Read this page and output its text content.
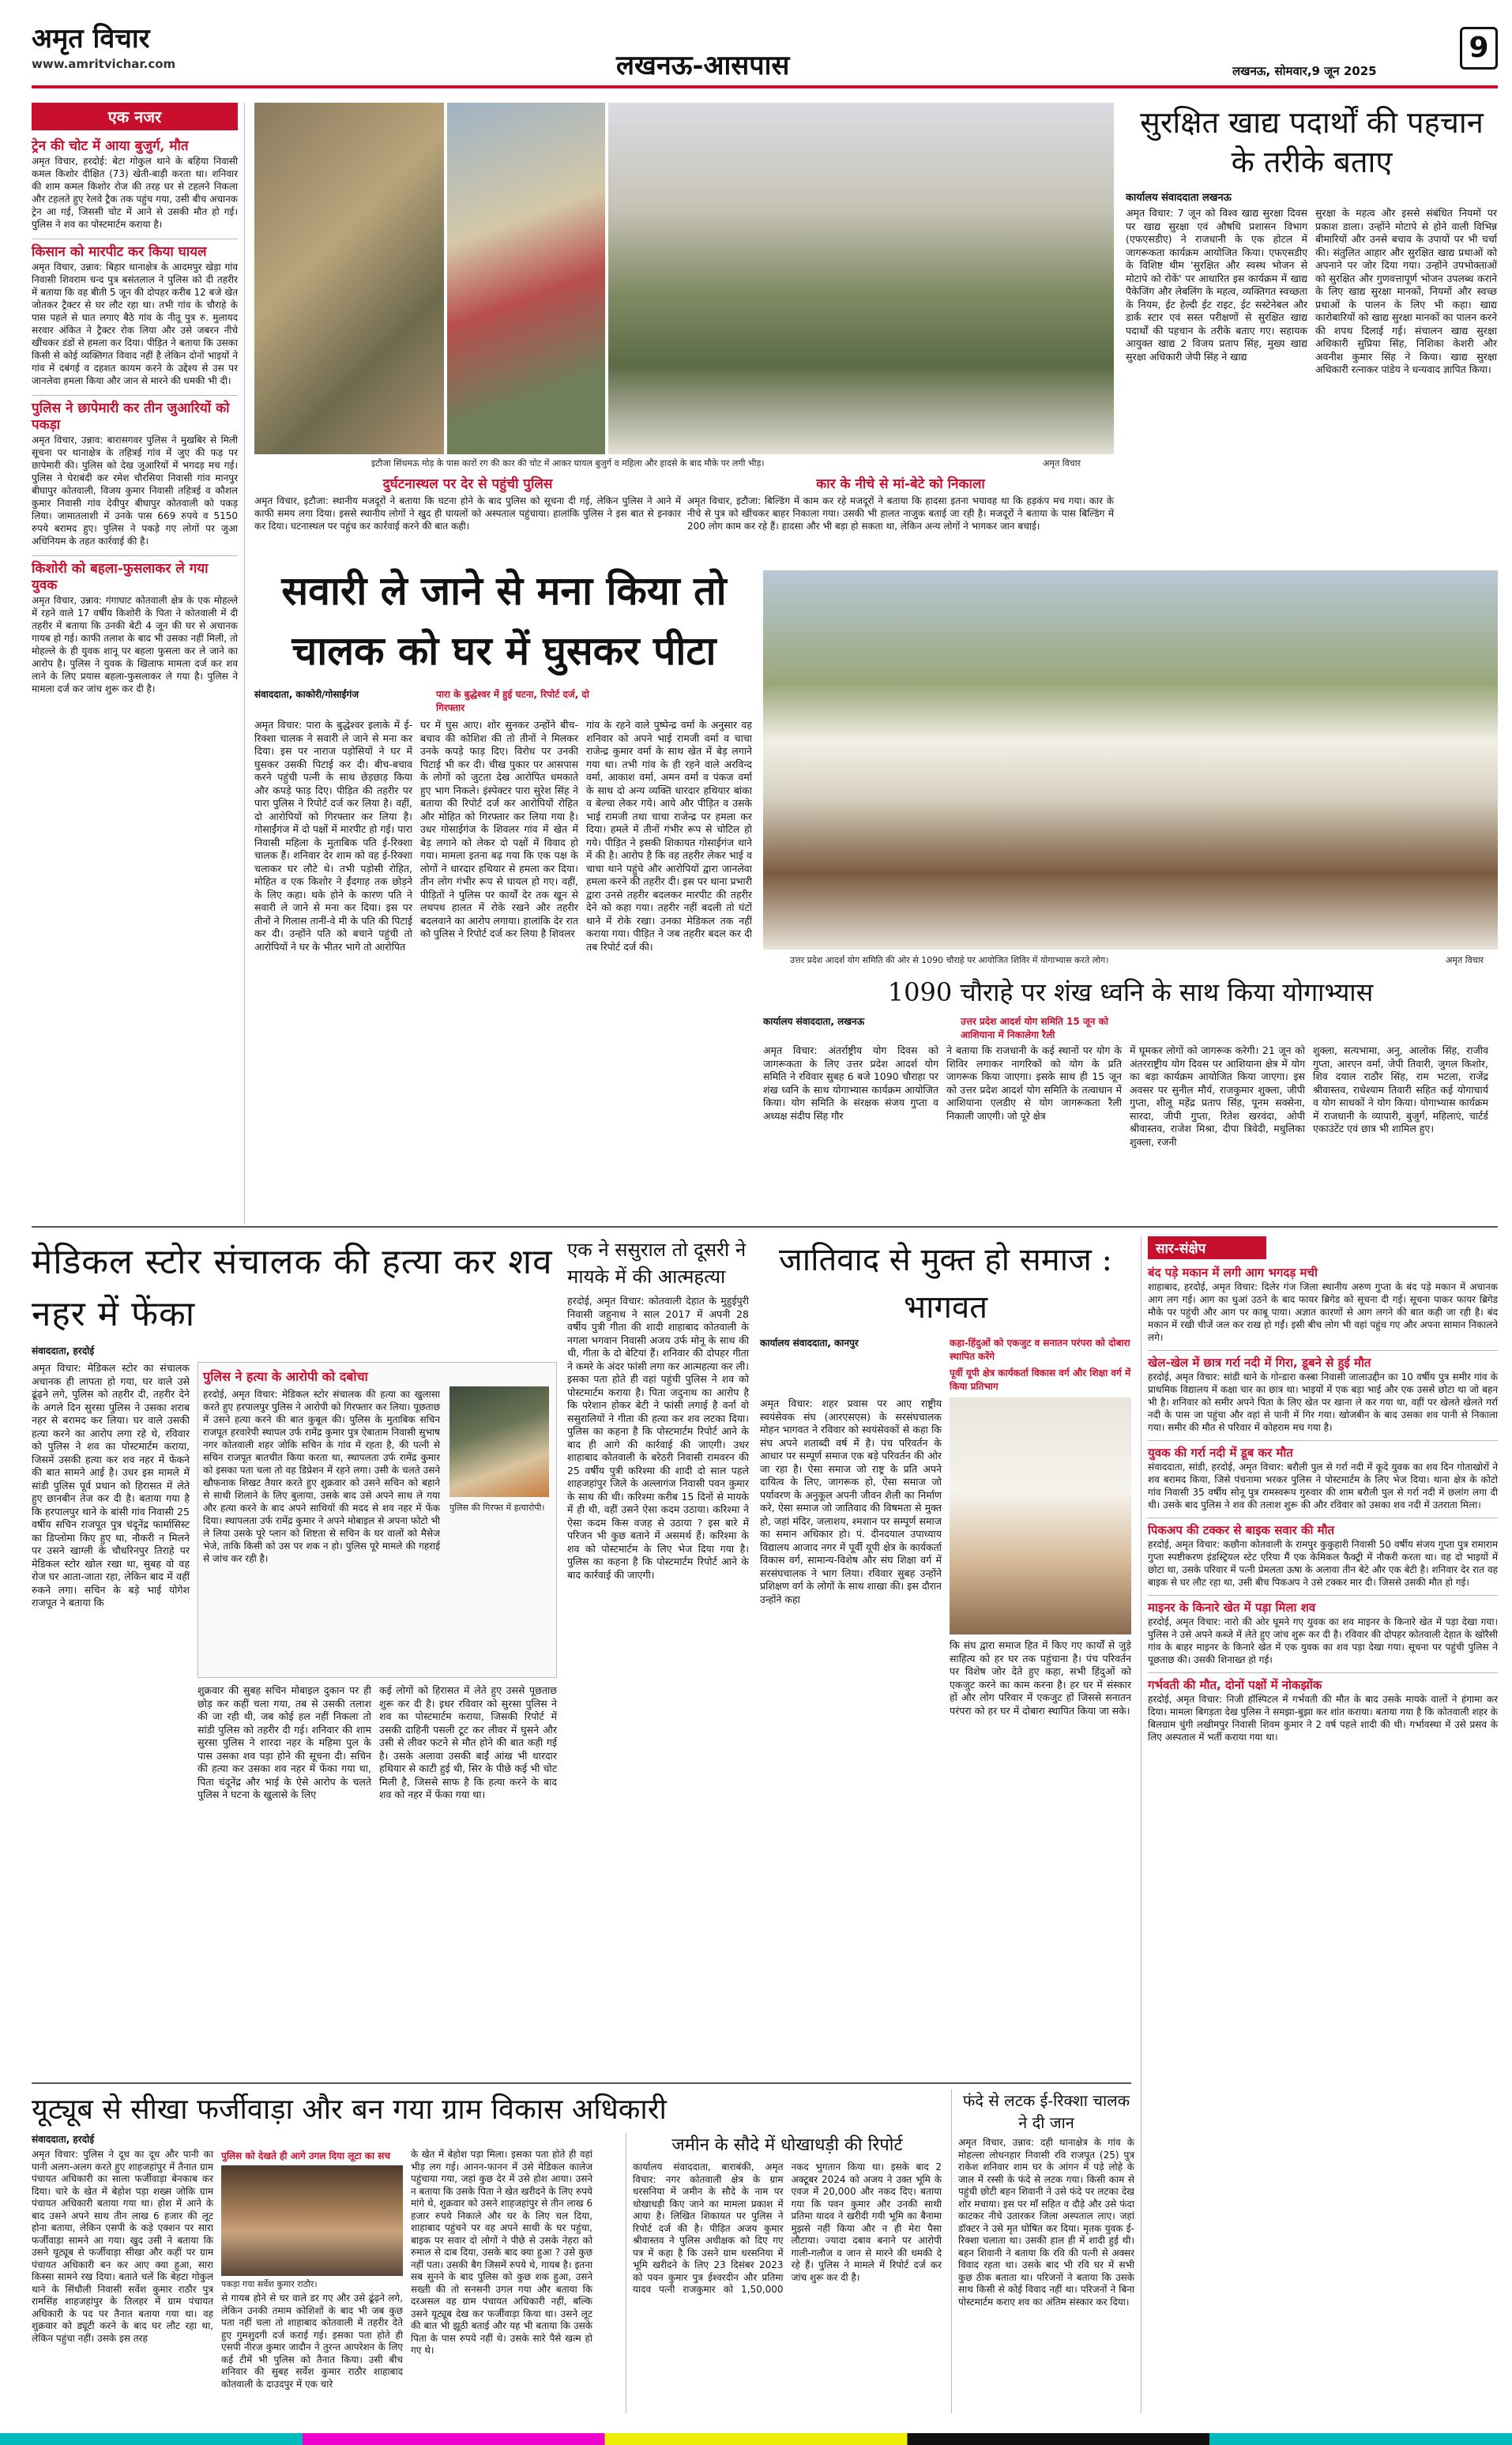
अमृत विचार
www.amritvichar.com	लखनऊ-आसपास	लखनऊ, सोमवार,9 जून 2025
9
एक नजर
ट्रेन की चोट में आया बुजुर्ग, मौत
अमृत विचार, हरदोई: बेटा गोकुल थाने के बहिया निवासी कमल किशोर दीक्षित (73) खेती-बाड़ी करता था। शनिवार की शाम कमल किशोर रोज की तरह घर से टहलने निकला और टहलते हुए रेलवे ट्रैक तक पहुंच गया, उसी बीच अचानक ट्रेन आ गई, जिससी चोट में आने से उसकी मौत हो गई। पुलिस ने शव का पोस्टमार्टम कराया है।
किसान को मारपीट कर किया घायल
अमृत विचार, उन्नाव: बिहार थानाक्षेत्र के आदमपुर खेड़ा गांव निवासी शिवराम चन्द पुत्र बसंतलाल ने पुलिस को दी तहरीर में बताया कि वह बीती 5 जून की दोपहर करीब 12 बजे खेत जोतकर ट्रैक्टर से घर लौट रहा था। तभी गांव के चौराहे के पास पहले से घात लगाए बैठे गांव के नीतू पुत्र रु. मुलायद सरवार अंकित ने ट्रैक्टर रोक लिया और उसे जबरन नीचे खींचकर डंडों से हमला कर दिया। पीड़ित ने बताया कि उसका किसी से कोई व्यक्तिगत विवाद नहीं है लेकिन दोनों भाइयों ने गांव में दबंगई व दहशत कायम करने के उद्देश्य से उस पर जानलेवा हमला किया और जान से मारने की धमकी भी दी।
पुलिस ने छापेमारी कर तीन जुआरियों को पकड़ा
अमृत विचार, उन्नाव: बारासगवर पुलिस ने मुखबिर से मिली सूचना पर थानाक्षेत्र के तहित्रई गांव में जुए की फड़ पर छापेमारी की। पुलिस को देख जुआरियों में भगदड़ मच गई। पुलिस ने घेराबंदी कर रमेश चौरसिया निवासी गांव मानपुर बीघापुर कोतवाली, विजय कुमार निवासी तहित्रई व कौशल कुमार निवासी गांव देवीपुर बीघापुर कोतवाली को पकड़ लिया। जामातलाशी में उनके पास 669 रुपये व 5150 रुपये बरामद हुए। पुलिस ने पकड़े गए लोगों पर जुआ अधिनियम के तहत कार्रवाई की है।
किशोरी को बहला-फुसलाकर ले गया युवक
अमृत विचार, उन्नाव: गंगाघाट कोतवाली क्षेत्र के एक मोहल्ले में रहने वाले 17 वर्षीय किशोरी के पिता ने कोतवाली में दी तहरीर में बताया कि उनकी बेटी 4 जून की घर से अचानक गायब हो गई। काफी तलाश के बाद भी उसका नहीं मिली, तो मोहल्ले के ही युवक शानू पर बहला फुसला कर ले जाने का आरोप है। पुलिस ने युवक के खिलाफ मामला दर्ज कर शव लाने के लिए प्रयास बहला-फुसलाकर ले गया है। पुलिस ने मामला दर्ज कर जांच शुरू कर दी है।
इटौजा सिंधमऊ मोड़ के पास कारों रग की कार की चोट में आकर घायल बुजुर्ग व महिला और हादसे के बाद मौके पर लगी भीड़।	अमृत विचार
दुर्घटनास्थल पर देर से पहुंची पुलिस
अमृत विचार, इटौजा: स्थानीय मजदूरों ने बताया कि घटना होने के बाद पुलिस को सूचना दी गई, लेकिन पुलिस ने आने में काफी समय लगा दिया। इससे स्थानीय लोगों ने खुद ही घायलों को अस्पताल पहुंचाया। हालांकि पुलिस ने इस बात से इनकार कर दिया। घटनास्थल पर पहुंच कर कार्रवाई करने की बात कही।
कार के नीचे से मां-बेटे को निकाला
अमृत विचार, इटौजा: बिल्डिंग में काम कर रहे मजदूरों ने बताया कि हादसा इतना भयावह था कि हड़कंप मच गया। कार के नीचे से पुत्र को खींचकर बाहर निकाला गया। उसकी भी हालत नाजुक बताई जा रही है। मजदूरों ने बताया के पास बिल्डिंग में 200 लोग काम कर रहे हैं। हादसा और भी बड़ा हो सकता था, लेकिन अन्य लोगों ने भागकर जान बचाई।
सुरक्षित खाद्य पदार्थों की पहचान के तरीके बताए
कार्यालय संवाददाता लखनऊ
अमृत विचार: 7 जून को विश्व खाद्य सुरक्षा दिवस पर खाद्य सुरक्षा एवं औषधि प्रशासन विभाग (एफएसडीए) ने राजधानी के एक होटल में जागरूकता कार्यक्रम आयोजित किया। एफएसडीए के विशिष्ट थीम 'सुरक्षित और स्वस्थ भोजन से मोटापे को रोकें' पर आधारित इस कार्यक्रम में खाद्य पैकेजिंग और लेबलिंग के महत्व, व्यक्तिगत स्वच्छता के नियम, ईट हेल्दी ईट राइट, ईट सस्टेनेबल और डार्क स्टार एवं सस्त परीक्षणों से सुरक्षित खाद्य पदार्थों की पहचान के तरीके बताए गए। सहायक आयुक्त खाद्य 2 विजय प्रताप सिंह, मुख्य खाद्य सुरक्षा अधिकारी जेपी सिंह ने खाद्य
सुरक्षा के महत्व और इससे संबंधित नियमों पर प्रकाश डाला। उन्होंने मोटापे से होने वाली विभिन्न बीमारियों और उनसे बचाव के उपायों पर भी चर्चा की। संतुलित आहार और सुरक्षित खाद्य प्रथाओं को अपनाने पर जोर दिया गया। उन्होंने उपभोक्ताओं को सुरक्षित और गुणवत्तापूर्ण भोजन उपलब्ध कराने के लिए खाद्य सुरक्षा मानकों, नियमों और स्वच्छ प्रथाओं के पालन के लिए भी कहा। खाद्य कारोबारियों को खाद्य सुरक्षा मानकों का पालन करने की शपथ दिलाई गई। संचालन खाद्य सुरक्षा अधिकारी सुप्रिया सिंह, निशिका केशरी और अवनीश कुमार सिंह ने किया। खाद्य सुरक्षा अधिकारी रत्नाकर पांडेय ने धन्यवाद ज्ञापित किया।
सवारी ले जाने से मना किया तो चालक को घर में घुसकर पीटा
संवाददाता, काकोरी/गोसाईंगंज	पारा के बुद्धेश्वर में हुई घटना, रिपोर्ट दर्ज, दो गिरफ्तार
अमृत विचार: पारा के बुद्धेश्वर इलाके में ई-रिक्शा चालक ने सवारी ले जाने से मना कर दिया। इस पर नाराज पड़ोसियों ने घर में घुसकर उसकी पिटाई कर दी। बीच-बचाव करने पहुंची पत्नी के साथ छेड़छाड़ किया और कपड़े फाड़ दिए। पीड़ित की तहरीर पर पारा पुलिस ने रिपोर्ट दर्ज कर लिया है। वहीं, दो आरोपियों को गिरफ्तार कर लिया है। गोसाईंगंज में दो पक्षों में मारपीट हो गई। पारा निवासी महिला के मुताबिक पति ई-रिक्शा चालक हैं। शनिवार देर शाम को वह ई-रिक्शा चलाकर घर लौटे थे। तभी पड़ोसी रोहित, मोहित व एक किशोर ने ईंदगाह तक छोड़ने के लिए कहा। थके होने के कारण पति ने सवारी ले जाने से मना कर दिया। इस पर तीनों ने गिलास तानीं-वे मी के पति की पिटाई कर दी। उन्होंने पति को बचाने पहुंची तो आरोपियों ने घर के भीतर भागे तो आरोपित
घर में घुस आए। शोर सुनकर उन्होंने बीच-बचाव की कोशिश की तो तीनों ने मिलकर उनके कपड़े फाड़ दिए। विरोध पर उनकी पिटाई भी कर दी। चीख पुकार पर आसपास के लोगों को जुटता देख आरोपित धमकाते हुए भाग निकले। इंस्पेक्टर पारा सुरेश सिंह ने बताया की रिपोर्ट दर्ज कर आरोपियों रोहित और मोहित को गिरफ्तार कर लिया गया है। उधर गोसाईगंज के शिवलर गांव में खेत में बेड़ लगाने को लेकर दो पक्षों में विवाद हो गया। मामला इतना बढ़ गया कि एक पक्ष के लोगों ने धारदार हथियार से हमला कर दिया। तीन लोग गंभीर रूप से घायल हो गए। वहीं, पीड़ितों ने पुलिस पर कार्यों देर तक खून से लथपथ हालत में रोके रखने और तहरीर बदलवाने का आरोप लगाया। हालांकि देर रात को पुलिस ने रिपोर्ट दर्ज कर लिया है शिवलर
गांव के रहने वाले पुष्पेन्द्र वर्मा के अनुसार वह शनिवार को अपने भाई रामजी वर्मा व चाचा राजेन्द्र कुमार वर्मा के साथ खेत में बेड़ लगाने गया था। तभी गांव के ही रहने वाले अरविन्द वर्मा, आकाश वर्मा, अमन वर्मा व पंकज वर्मा के साथ दो अन्य व्यक्ति धारदार हथियार बांका व बेल्चा लेकर गये। आये और पीड़ित व उसके भाई रामजी तथा चाचा राजेन्द्र पर हमला कर दिया। हमले में तीनों गंभीर रूप से चोटिल हो गये। पीड़ित ने इसकी शिकायत गोसाईगंज थाने में की है। आरोप है कि वह तहरीर लेकर भाई व चाचा थाने पहुंचे और आरोपियों द्वारा जानलेवा हमला करने की तहरीर दी। इस पर थाना प्रभारी द्वारा उनसे तहरीर बदलकर मारपीट की तहरीर देने को कहा गया। तहरीर नहीं बदली तो घंटों थाने में रोके रखा। उनका मेडिकल तक नहीं कराया गया। पीड़ित ने जब तहरीर बदल कर दी तब रिपोर्ट दर्ज की।
उत्तर प्रदेश आदर्श योग समिति की ओर से 1090 चौराहे पर आयोजित शिविर में योगाभ्यास करते लोग।	अमृत विचार
1090 चौराहे पर शंख ध्वनि के साथ किया योगाभ्यास
कार्यालय संवाददाता, लखनऊ	उत्तर प्रदेश आदर्श योग समिति 15 जून को आशियाना में निकालेगा रैली
अमृत विचार: अंतर्राष्ट्रीय योग दिवस को जागरूकता के लिए उत्तर प्रदेश आदर्श योग समिति ने रविवार सुबह 6 बजे 1090 चौराहा पर शंख ध्वनि के साथ योगाभ्यास कार्यक्रम आयोजित किया। योग समिति के संरक्षक संजय गुप्ता व अध्यक्ष संदीप सिंह गौर
ने बताया कि राजधानी के कई स्थानों पर योग के शिविर लगाकर नागरिकों को योग के प्रति जागरूक किया जाएगा। इसके साथ ही 15 जून को उत्तर प्रदेश आदर्श योग समिति के तत्वाधान में आशियाना एलडीए से योग जागरूकता रैली निकाली जाएगी। जो पूरे क्षेत्र
में घूमकर लोगों को जागरूक करेगी। 21 जून को अंतरराष्ट्रीय योग दिवस पर आशियाना क्षेत्र में योग का बड़ा कार्यक्रम आयोजित किया जाएगा। इस अवसर पर सुनील मौर्य, राजकुमार शुक्ला, जीपी गुप्ता, शीलू महेंद्र प्रताप सिंह, पूनम सक्सेना, सारदा, जीपी गुप्ता, रितेश खरवंदा, ओपी श्रीवास्तव, राजेश मिश्रा, दीपा त्रिवेदी, मधुलिका शुक्ला, रजनी
शुक्ला, सत्यभामा, अनु, आलोक सिंह, राजीव गुप्ता, आरएन वर्मा, जेपी तिवारी, जुगल किशोर, शिव दयाल राठौर सिंह, राम भटला, राजेंद्र श्रीवास्तव, राधेश्याम तिवारी सहित कई योगाचार्य व योग साधकों ने योग किया। योगाभ्यास कार्यक्रम में राजधानी के व्यापारी, बुजुर्ग, महिलाएं, चार्टर्ड एकाउंटेंट एवं छात्र भी शामिल हुए।
मेडिकल स्टोर संचालक की हत्या कर शव नहर में फेंका
संवाददाता, हरदोई
अमृत विचार: मेडिकल स्टोर का संचालक अचानक ही लापता हो गया, घर वाले उसे ढूंढ़ने लगे, पुलिस को तहरीर दी, तहरीर देने के अगले दिन सुरसा पुलिस ने उसका शराब नहर से बरामद कर लिया। घर वाले उसकी हत्या करने का आरोप लगा रहे थे, रविवार को पुलिस ने शव का पोस्टमार्टम कराया, जिसमें उसकी हत्या कर शव नहर में फेंकने की बात सामने आई है। उधर इस मामले में सांडी पुलिस पूर्व प्रधान को हिरासत में लेते हुए छानबीन तेज कर दी है। बताया गया है कि हरपालपुर थाने के बांसी गांव निवासी 25 वर्षीय सचिन राजपूत पुत्र चंदूनेंद्र फार्मासिस्ट का डिप्लोमा किए हुए था, नौकरी न मिलने पर उसने खाग्ली के चौधरिनपुर तिराहे पर मेडिकल स्टोर खोल रखा था, सुबह वो वह रोज घर आता-जाता रहा, लेकिन बाद में वहीं रुकने लगा। सचिन के बड़े भाई योगेश राजपूत ने बताया कि
पुलिस ने हत्या के आरोपी को दबोचा
हरदोई, अमृत विचार: मेडिकल स्टोर संचालक की हत्या का खुलासा करते हुए हरपालपुर पुलिस ने आरोपी को गिरफ्तार कर लिया। पूछताछ में उसने हत्या करने की बात कुबूल की। पुलिस के मुताबिक सचिन राजपूत हरवारेपी स्थापल उर्फ रामेंद्र कुमार पुत्र ऐबाताम निवासी सुभाष नगर कोतवाली शहर जोकि सचिन के गांव में रहता है, की पत्नी से सचिन राजपूत बातचीत किया करता था, स्थापलता उर्फ रामेंद्र कुमार को इसका पता चला तो वह डिप्रेशन में रहने लगा। उसी के चलते उसने खौफनाक शिखट तैयार करते हुए शुक्रवार को उसने सचिन को बहाने से साथी शिलाने के लिए बुलाया, उसके बाद उसे अपने साथ ले गया और हत्या करने के बाद अपने साथियों की मदद से शव नहर में फेंक दिया। स्थापलता उर्फ रामेंद्र कुमार ने अपने मोबाइल से अपना फोटो भी ले लिया उसके पूरे प्लान को शिष्टता से सचिन के घर वालों को मैसेज भेजे, ताकि किसी को उस पर शक न हो। पुलिस पूरे मामले की गहराई से जांच कर रही है।
पुलिस की गिरफ्त में हत्यारोपी।
शुक्रवार की सुबह सचिन मोबाइल दुकान पर ही छोड़ कर कहीं चला गया, तब से उसकी तलाश की जा रही थी, जब कोई हल नहीं निकला तो सांडी पुलिस को तहरीर दी गई। शनिवार की शाम सुरसा पुलिस ने शारदा नहर के महिमा पुल के पास उसका शव पड़ा होने की सूचना दी। सचिन की हत्या कर उसका शव नहर में फेंका गया था, पिता चंदूनेंद्र और भाई के ऐसे आरोप के चलते पुलिस ने घटना के खुलासे के लिए
कई लोगों को हिरासत में लेते हुए उससे पूछताछ शुरू कर दी है। इधर रविवार को सुरसा पुलिस ने शव का पोस्टमार्टम कराया, जिसकी रिपोर्ट में उसकी दाहिनी पसली टूट कर लीवर में घुसने और उसी से लीवर फटने से मौत होने की बात कही गई है। उसके अलावा उसकी बाईं आंख भी धारदार हथियार से काटी हुई थी, सिर के पीछे कई भी चोट मिली है, जिससे साफ है कि हत्या करने के बाद शव को नहर में फेंका गया था।
एक ने ससुराल तो दूसरी ने मायके में की आत्महत्या
हरदोई, अमृत विचार: कोतवाली देहात के मुहुईपुरी निवासी जहुनाथ ने साल 2017 में अपनी 28 वर्षीय पुत्री गीता की शादी शाहाबाद कोतवाली के नगला भगवान निवासी अजय उर्फ मोनू के साथ की थी, गीता के दो बेटियां हैं। शनिवार की दोपहर गीता ने कमरे के अंदर फांसी लगा कर आत्महत्या कर ली। इसका पता होते ही वहां पहुंची पुलिस ने शव को पोस्टमार्टम कराया है। पिता जदुनाथ का आरोप है कि परेशान होकर बेटी ने फांसी लगाई है वर्ना वो ससुरालियों ने गीता की हत्या कर शव लटका दिया। पुलिस का कहना है कि पोस्टमार्टम रिपोर्ट आने के बाद ही आगे की कार्रवाई की जाएगी। उधर शाहाबाद कोतवाली के बरेठरी निवासी रामवरन की 25 वर्षीय पुत्री करिश्मा की शादी दो साल पहले शाहजहांपुर जिले के अल्लागंज निवासी पवन कुमार के साथ की थी। करिश्मा करीब 15 दिनों से मायके में ही थी, वहीं उसने ऐसा कदम उठाया। करिश्मा ने ऐसा कदम किस वजह से उठाया ? इस बारे में परिजन भी कुछ बताने में असमर्थ हैं। करिश्मा के शव को पोस्टमार्टम के लिए भेज दिया गया है। पुलिस का कहना है कि पोस्टमार्टम रिपोर्ट आने के बाद कार्रवाई की जाएगी।
जातिवाद से मुक्त हो समाज : भागवत
कार्यालय संवाददाता, कानपुर	कहा-हिंदुओं को एकजुट व सनातन परंपरा को दोबारा स्थापित करेंगे
पूर्वी यूपी क्षेत्र कार्यकर्ता विकास वर्ग और शिक्षा वर्ग में किया प्रतिभाग
अमृत विचार: शहर प्रवास पर आए राष्ट्रीय स्वयंसेवक संघ (आरएसएस) के सरसंघचालक मोहन भागवत ने रविवार को स्वयंसेवकों से कहा कि संघ अपने शताब्दी वर्ष में है। पंच परिवर्तन के आधार पर सम्पूर्ण समाज एक बड़े परिवर्तन की ओर जा रहा है। ऐसा समाज जो राष्ट्र के प्रति अपने दायित्व के लिए, जागरूक हो, ऐसा समाज जो पर्यावरण के अनुकूल अपनी जीवन शैली का निर्माण करे, ऐसा समाज जो जातिवाद की विषमता से मुक्त हो, जहां मंदिर, जलाशय, श्मशान पर सम्पूर्ण समाज का समान अधिकार हो। पं. दीनदयाल उपाध्याय विद्यालय आजाद नगर में पूर्वी यूपी क्षेत्र के कार्यकर्ता विकास वर्ग, सामान्य-विशेष और संघ शिक्षा वर्ग में सरसंघचालक ने भाग लिया। रविवार सुबह उन्होंने प्रशिक्षण वर्ग के लोगों के साथ शाखा की। इस दौरान उन्होंने कहा
कि संघ द्वारा समाज हित में किए गए कार्यों से जुड़े साहित्य को हर घर तक पहुंचाना है। पंच परिवर्तन पर विशेष जोर देते हुए कहा, सभी हिंदुओं को एकजुट करने का काम करना है। हर घर में संस्कार हों और लोग परिवार में एकजुट हों जिससे सनातन परंपरा को हर घर में दोबारा स्थापित किया जा सके।
सार-संक्षेप
बंद पड़े मकान में लगी आग भगदड़ मची
शाहाबाद, हरदोई, अमृत विचार: दिलेर गंज जिला स्थानीय अरुण गुप्ता के बंद पड़े मकान में अचानक आग लग गई। आग का धुआं उठने के बाद फायर ब्रिगेड को सूचना दी गई। सूचना पाकर फायर ब्रिगेड मौके पर पहुंची और आग पर काबू पाया। अज्ञात कारणों से आग लगने की बात कही जा रही है। बंद मकान में रखी चीजें जल कर राख हो गईं। इसी बीच लोग भी वहां पहुंच गए और अपना सामान निकालने लगे।
खेल-खेल में छात्र गर्रा नदी में गिरा, डूबने से हुई मौत
हरदोई, अमृत विचार: सांडी थाने के गोन्डारा कस्बा निवासी जालाउद्दीन का 10 वर्षीय पुत्र समीर गांव के प्राथमिक विद्यालय में कक्षा चार का छात्र था। भाइयों में एक बड़ा भाई और एक उससे छोटा था जो बहन भी है। शनिवार को समीर अपने पिता के लिए खेत पर खाना ले कर गया था, वहीं पर खेलते खेलते गर्रा नदी के पास जा पहुंचा और वहां से पानी में गिर गया। खोजबीन के बाद उसका शव पानी से निकाला गया। समीर की मौत से परिवार में कोहराम मच गया है।
युवक की गर्रा नदी में डूब कर मौत
संवाददाता, सांडी, हरदोई, अमृत विचार: बरौली पुल से गर्रा नदी में कूदे युवक का शव दिन गोताखोरों ने शव बरामद किया, जिसे पंचनामा भरकर पुलिस ने पोस्टमार्टम के लिए भेज दिया। थाना क्षेत्र के कोटो गांव निवासी 35 वर्षीय सोनू पुत्र रामस्वरूप गुरुवार की शाम बरौली पुल से गर्रा नदी में छलांग लगा दी थी। उसके बाद पुलिस ने शव की तलाश शुरू की और रविवार को उसका शव नदी में उतराता मिला।
पिकअप की टक्कर से बाइक सवार की मौत
हरदोई, अमृत विचार: कछौना कोतवाली के रामपुर कुकुहारी निवासी 50 वर्षीय संजय गुप्ता पुत्र रामाराम गुप्ता स्पष्टीकरण इंडस्ट्रियल स्टेट एरिया मैं एक केमिकल फैक्ट्री में नौकरी करता था। वह दो भाइयों में छोटा था, उसके परिवार में पत्नी प्रेमलता ऊषा के अलावा तीन बेटे और एक बेटी है। शनिवार देर रात वह बाइक से घर लौट रहा था, उसी बीच पिकअप ने उसे टक्कर मार दी। जिससे उसकी मौत हो गई।
माइनर के किनारे खेत में पड़ा मिला शव
हरदोई, अमृत विचार: नारो की ओर घूमने गए युवक का शव माइनर के किनारे खेत में पड़ा देखा गया। पुलिस ने उसे अपने कब्जे में लेते हुए जांच शुरू कर दी है। रविवार की दोपहर कोतवाली देहात के खोरैसी गांव के बाहर माइनर के किनारे खेत में एक युवक का शव पड़ा देखा गया। सूचना पर पहुंची पुलिस ने पूछताछ की। उसकी शिनाख्त हो गई।
गर्भवती की मौत, दोनों पक्षों में नोकझोंक
हरदोई, अमृत विचार: निजी हॉस्पिटल में गर्भवती की मौत के बाद उसके मायके वालों ने हंगामा कर दिया। मामला बिगड़ता देख पुलिस ने समझा-बुझा कर शांत कराया। बताया गया है कि कोतवाली शहर के बिलग्राम चुंगी लखीमपुर निवासी शिवम कुमार ने 2 वर्ष पहले शादी की थी। गर्भावस्था में उसे प्रसव के लिए अस्पताल में भर्ती कराया गया था।
यूट्यूब से सीखा फर्जीवाड़ा और बन गया ग्राम विकास अधिकारी
संवाददाता, हरदोई
अमृत विचार: पुलिस ने दूध का दूध और पानी का पानी अलग-अलग करते हुए शाहजहांपुर में तैनात ग्राम पंचायत अधिकारी का साला फर्जीवाड़ा बेनकाब कर दिया। चारे के खेत में बेहोश पड़ा शख्स जोकि ग्राम पंचायत अधिकारी बताया गया था। होश में आने के बाद उसने अपने साथ तीन लाख 6 हजार की लूट होना बताया, लेकिन एसपी के कड़े एक्शन पर सारा फर्जीवाड़ा सामने आ गया। खुद उसी ने बताया कि उसने यूट्यूब से फर्जीवाड़ा सीखा और कहीं पर ग्राम पंचायत अधिकारी बन कर आए क्या हुआ, सारा किस्सा सामने रख दिया। बताते चलें कि बेहटा गोकुल थाने के सिंधौली निवासी सर्वेश कुमार राठौर पुत्र रामसिंह शाहजहांपुर के तिलहर में ग्राम पंचायत अधिकारी के पद पर तैनात बताया गया था। वह शुक्रवार को ड्यूटी करने के बाद घर लौट रहा था, लेकिन पहुंचा नहीं। उसके इस तरह
पुलिस को देखते ही आगे उगल दिया लूटा का सच
पकड़ा गया सर्वेश कुमार राठौर।
से गायब होने से घर वाले डर गए और उसे ढूंढ़ने लगे, लेकिन उनकी तमाम कोशिशों के बाद भी जब कुछ पता नहीं चला तो शाहाबाद कोतवाली में तहरीर देते हुए गुमशुदगी दर्ज कराई गई। इसका पता होते ही एसपी नीरज कुमार जादौन ने तुरन्त आपरेशन के लिए कई टीमें भी पुलिस को तैनात किया। उसी बीच शनिवार की सुबह सर्वेश कुमार राठौर शाहाबाद कोतवाली के दाउदपुर में एक चारे
के खेत में बेहोश पड़ा मिला। इसका पता होते ही वहां भीड़ लग गई। आनन-फानन में उसे मेडिकल कालेज पहुंचाया गया, जहां कुछ देर में उसे होश आया। उसने न बताया कि उसके पिता ने खेत खरीदने के लिए रुपये मांगे थे, शुक्रवार को उसने शाहजहांपुर से तीन लाख 6 हजार रुपये निकाले और घर के लिए चल दिया, शाहाबाद पहुंचने पर वह अपने साथी के घर पहुंचा, बाइक पर सवार दो लोगों ने पीछे से उसके नेहरा को रुमाल से दाब दिया, उसके बाद क्या हुआ ? उसे कुछ नहीं पता। उसकी बैग जिसमें रुपये थे, गायब है। इतना सब सुनने के बाद पुलिस को कुछ शक हुआ, उसने सख्ती की तो सनसनी उगल गया और बताया कि दरअसल वह ग्राम पंचायत अधिकारी नहीं, बल्कि उसने यूट्यूब देख कर फर्जीवाड़ा किया था। उसने लूट की बात भी झूठी बताई और यह भी बताया कि उसके पिता के पास रुपये नहीं थे। उसके सारे पैसे खत्म हो गए थे।
जमीन के सौदे में धोखाधड़ी की रिपोर्ट
कार्यालय संवाददाता, बाराबंकी, अमृत विचार: नगर कोतवाली क्षेत्र के ग्राम धरसनिया में जमीन के सौदे के नाम पर धोखाधड़ी किए जाने का मामला प्रकाश में आया है। लिखित शिकायत पर पुलिस ने रिपोर्ट दर्ज की है। पीड़ित अजय कुमार श्रीवास्तव ने पुलिस अधीक्षक को दिए गए पत्र में कहा है कि उसने ग्राम धरसनिया में भूमि खरीदने के लिए 23 दिसंबर 2023 को पवन कुमार पुत्र ईश्वरदीन और प्रतिमा यादव पत्नी राजकुमार को 1,50,000 नकद भुगतान किया था। इसके बाद 2 अक्टूबर 2024 को अजय ने उक्त भूमि के एवज में 20,000 और नकद दिए। बताया गया कि पवन कुमार और उनकी साथी प्रतिमा यादव ने खरीदी गयी भूमि का बैनामा मुझसे नहीं किया और न ही मेरा पैसा लौटाया। ज्यादा दबाव बनाने पर आरोपी गाली-गलौज व जान से मारने की धमकी दे रहे हैं। पुलिस ने मामले में रिपोर्ट दर्ज कर जांच शुरू कर दी है।
फंदे से लटक ई-रिक्शा चालक ने दी जान
अमृत विचार, उन्नाव: दही थानाक्षेत्र के गांव के मोहल्ला लोधनहार निवासी रवि राजपूत (25) पुत्र राकेश शनिवार शाम घर के आंगन में पड़े लोहे के जाल में रस्सी के फंदे से लटक गया। किसी काम से पहुंची छोटी बहन शिवानी ने उसे फंदे पर लटका देख शोर मचाया। इस पर माँ सहित व दौड़े और उसे फंदा काटकर नीचे उतारकर जिला अस्पताल लाए। जहां डॉक्टर ने उसे मृत घोषित कर दिया। मृतक युवक ई-रिक्शा चलाता था। उसकी हाल ही में शादी हुई थी। बहन शिवानी ने बताया कि रवि की पत्नी से अक्सर विवाद रहता था। उसके बाद भी रवि घर में सभी कुछ ठीक बताता था। परिजनों ने बताया कि उसके साथ किसी से कोई विवाद नहीं था। परिजनों ने बिना पोस्टमार्टम कराए शव का अंतिम संस्कार कर दिया।
